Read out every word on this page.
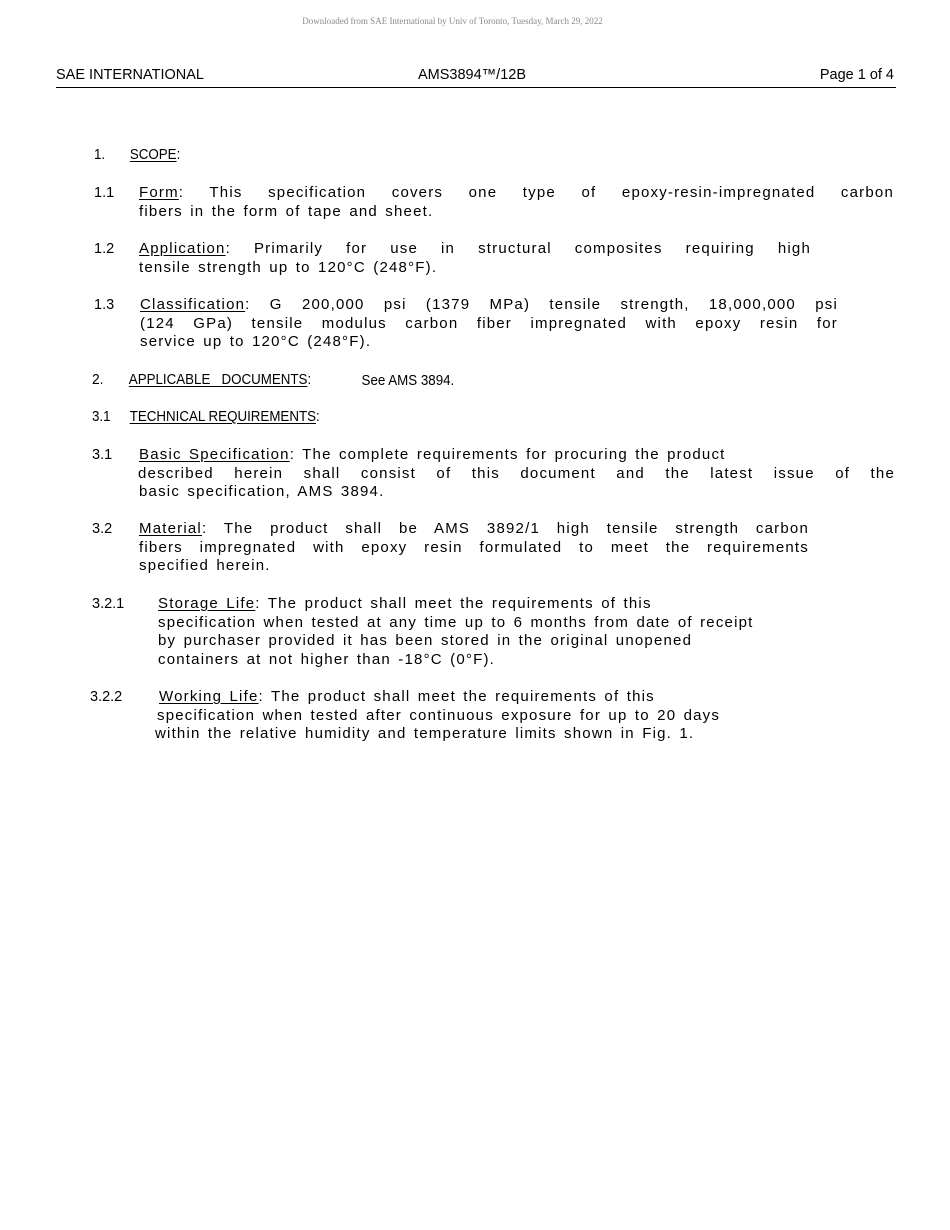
Downloaded from SAE International by Univ of Toronto, Tuesday, March 29, 2022
SAE INTERNATIONAL	AMS3894™/12B	Page 1 of 4
1. SCOPE:
1.1 Form: This specification covers one type of epoxy-resin-impregnated carbon
fibers in the form of tape and sheet.
1.2 Application: Primarily for use in structural composites requiring high
tensile strength up to 120°C (248°F).
1.3 Classification: G 200,000 psi (1379 MPa) tensile strength, 18,000,000 psi
(124 GPa) tensile modulus carbon fiber impregnated with epoxy resin for
service up to 120°C (248°F).
2. APPLICABLE   DOCUMENTS:	See AMS 3894.
3.1 TECHNICAL REQUIREMENTS:
3.1 Basic Specification: The complete requirements for procuring the product
described herein shall consist of this document and the latest issue of the
basic specification, AMS 3894.
3.2 Material: The product shall be AMS 3892/1 high tensile strength carbon
fibers impregnated with epoxy resin formulated to meet the requirements
specified herein.
3.2.1 Storage Life: The product shall meet the requirements of this
specification when tested at any time up to 6 months from date of receipt
by purchaser provided it has been stored in the original unopened
containers at not higher than -18°C (0°F).
3.2.2 Working Life: The product shall meet the requirements of this
specification when tested after continuous exposure for up to 20 days
within the relative humidity and temperature limits shown in Fig. 1.
